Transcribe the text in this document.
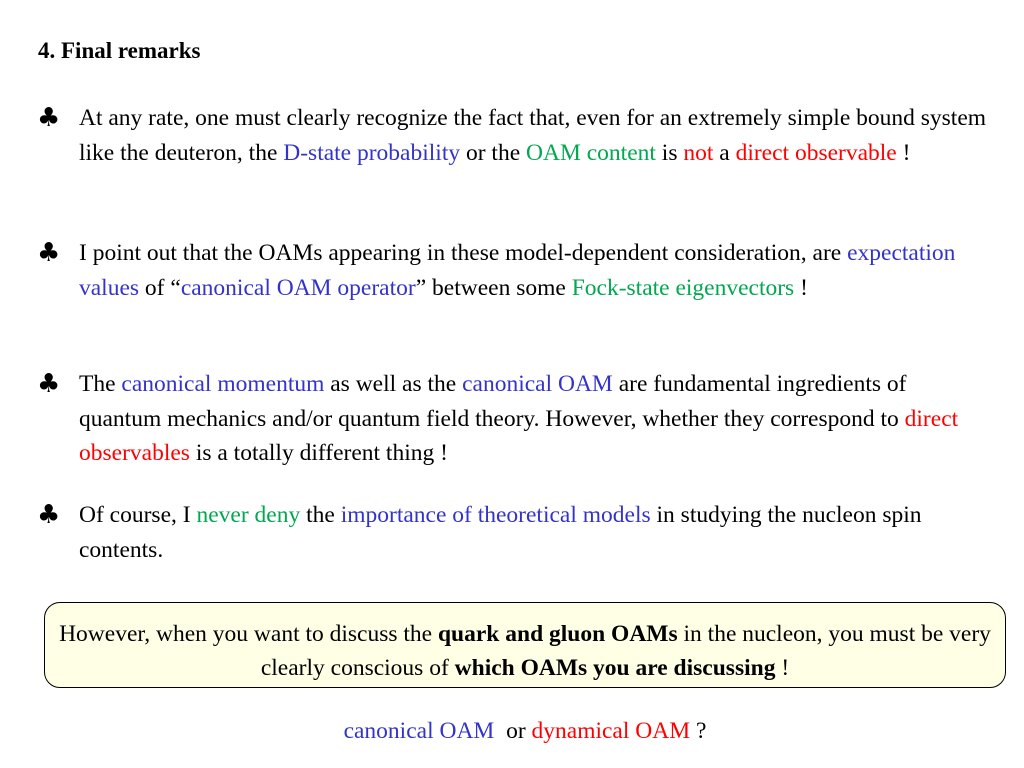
4. Final remarks
♣ At any rate, one must clearly recognize the fact that, even for an extremely simple bound system like the deuteron, the D-state probability or the OAM content is not a direct observable !
♣ I point out that the OAMs appearing in these model-dependent consideration, are expectation values of “canonical OAM operator” between some Fock-state eigenvectors !
♣ The canonical momentum as well as the canonical OAM are fundamental ingredients of quantum mechanics and/or quantum field theory. However, whether they correspond to direct observables is a totally different thing !
♣ Of course, I never deny the importance of theoretical models in studying the nucleon spin contents.
However, when you want to discuss the quark and gluon OAMs in the nucleon, you must be very clearly conscious of which OAMs you are discussing !
canonical OAM or dynamical OAM ?
